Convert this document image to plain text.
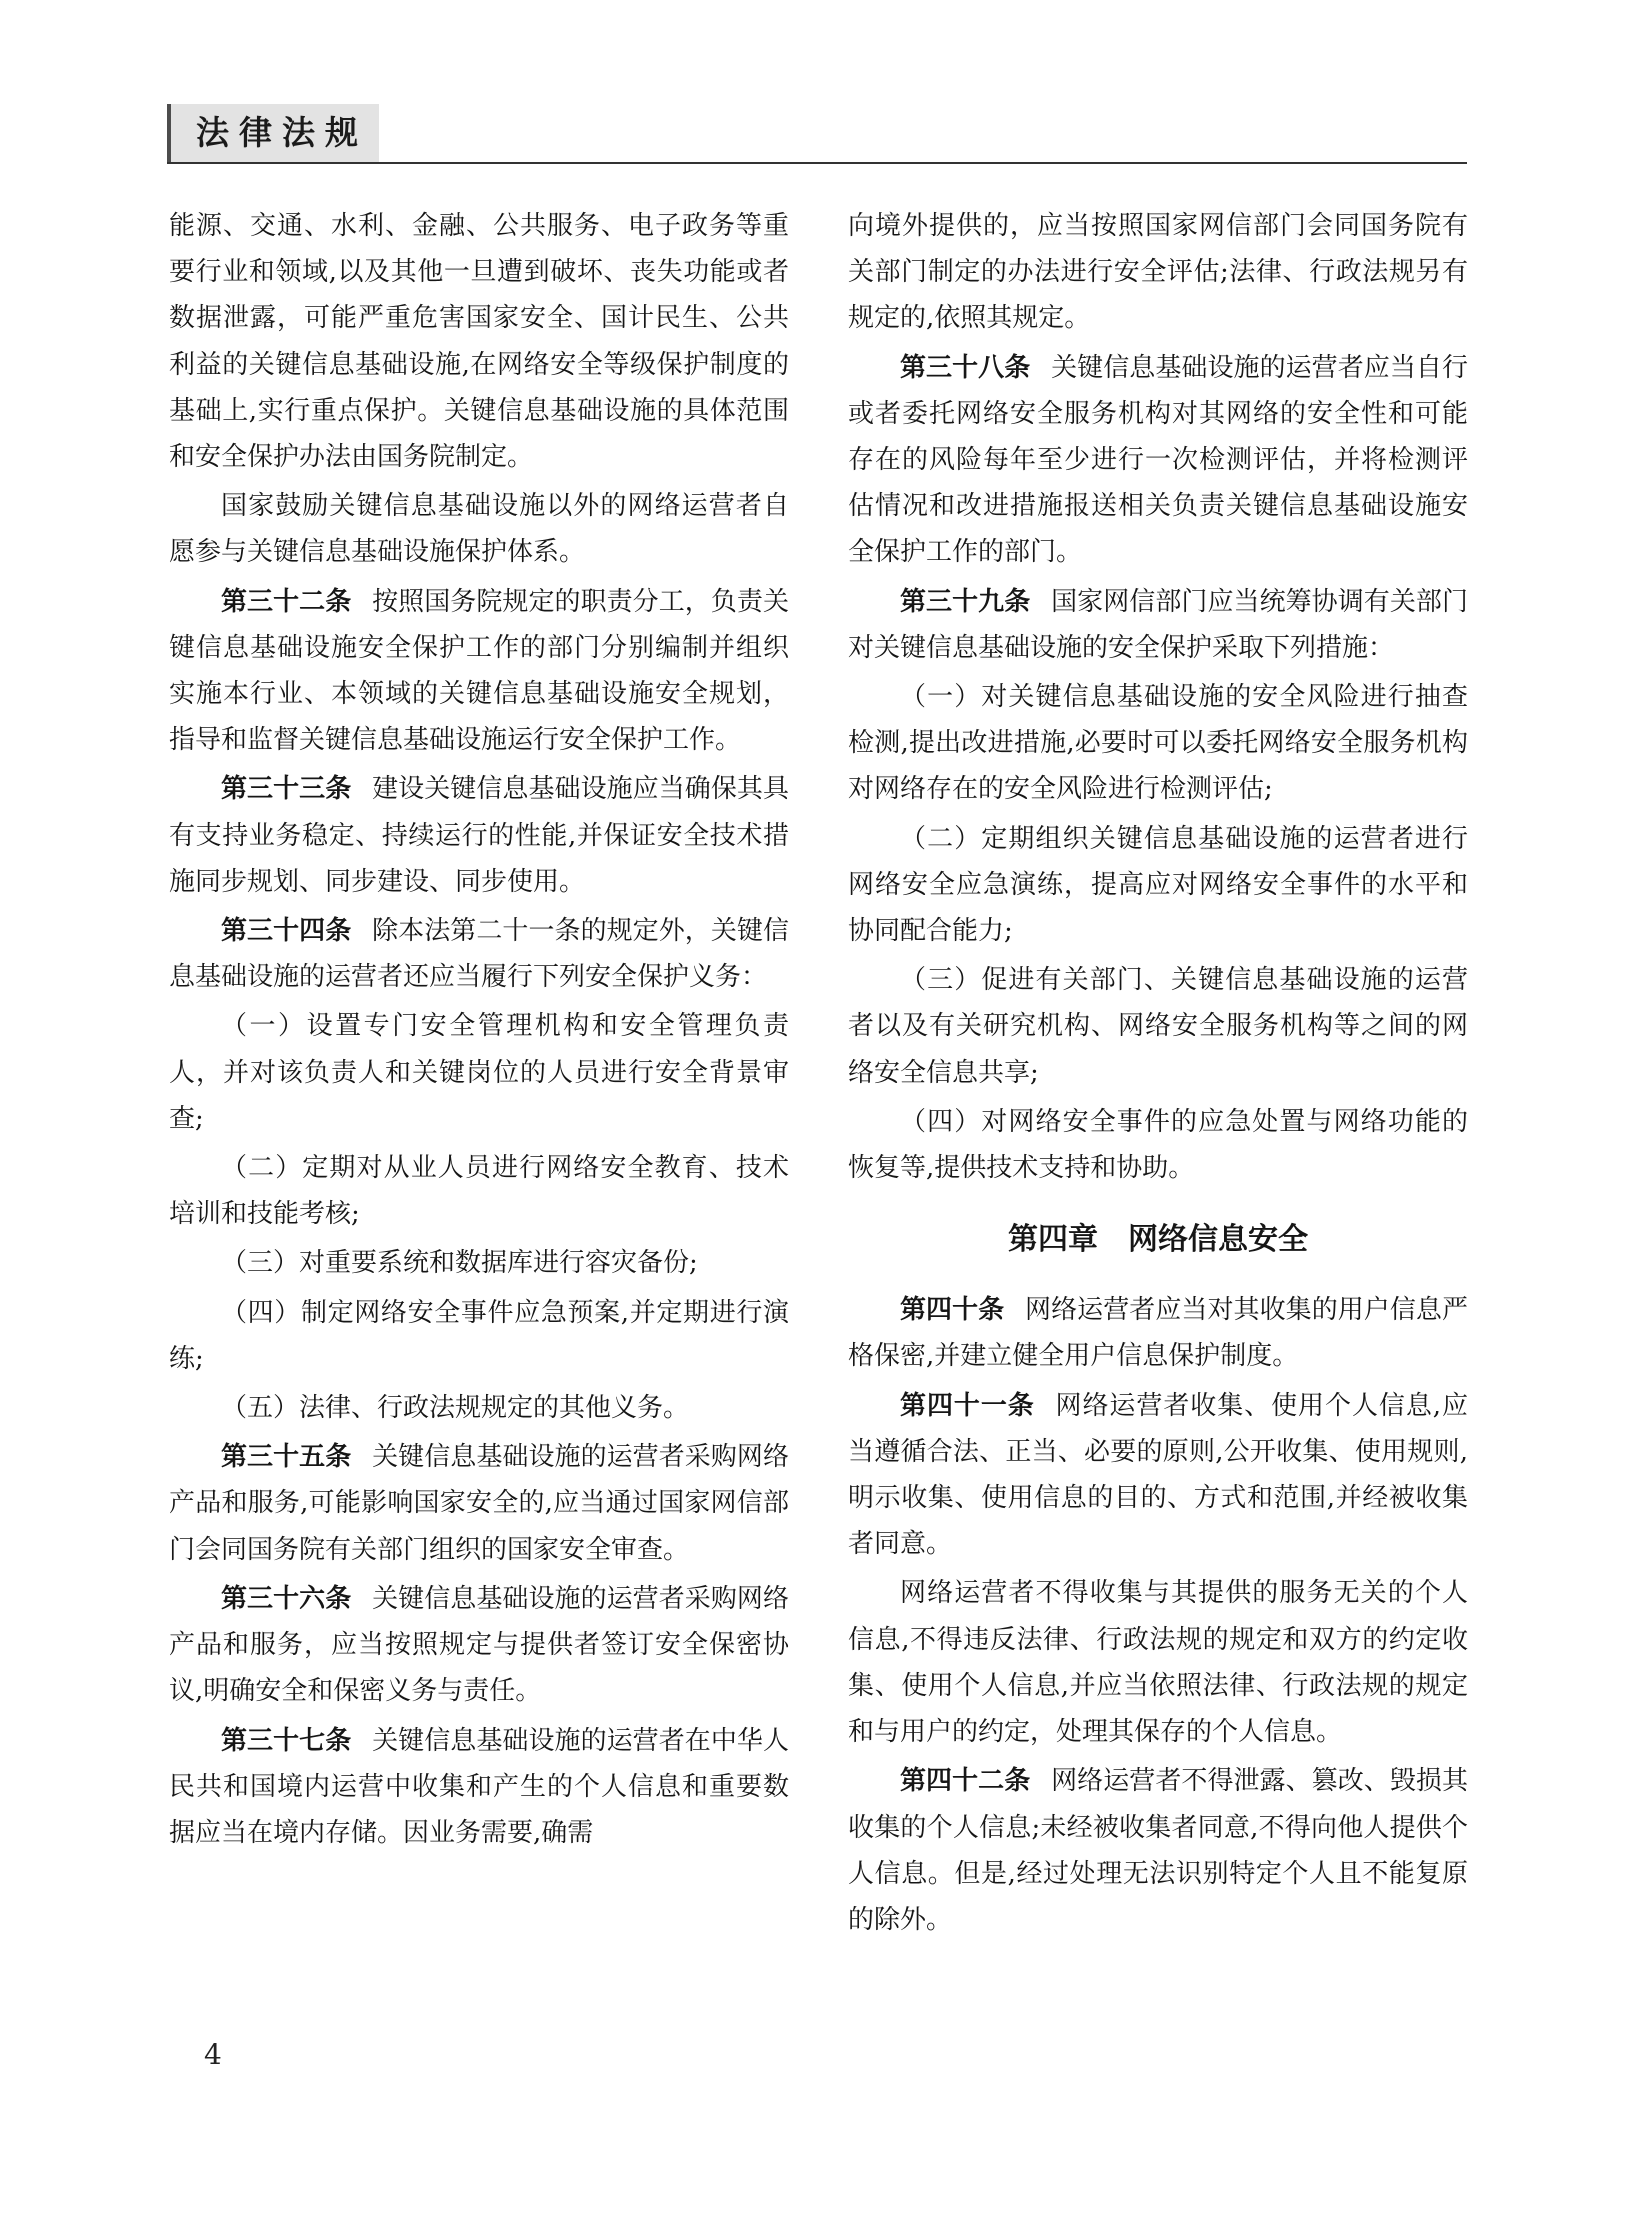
法律法规

能源、交通、水利、金融、公共服务、电子政务等重要行业和领域,以及其他一旦遭到破坏、丧失功能或者数据泄露，可能严重危害国家安全、国计民生、公共利益的关键信息基础设施,在网络安全等级保护制度的基础上,实行重点保护。关键信息基础设施的具体范围和安全保护办法由国务院制定。

国家鼓励关键信息基础设施以外的网络运营者自愿参与关键信息基础设施保护体系。

第三十二条 按照国务院规定的职责分工，负责关键信息基础设施安全保护工作的部门分别编制并组织实施本行业、本领域的关键信息基础设施安全规划，指导和监督关键信息基础设施运行安全保护工作。

第三十三条 建设关键信息基础设施应当确保其具有支持业务稳定、持续运行的性能,并保证安全技术措施同步规划、同步建设、同步使用。

第三十四条 除本法第二十一条的规定外，关键信息基础设施的运营者还应当履行下列安全保护义务：

（一）设置专门安全管理机构和安全管理负责人，并对该负责人和关键岗位的人员进行安全背景审查;

（二）定期对从业人员进行网络安全教育、技术培训和技能考核;

（三）对重要系统和数据库进行容灾备份;

（四）制定网络安全事件应急预案,并定期进行演练;

（五）法律、行政法规规定的其他义务。

第三十五条 关键信息基础设施的运营者采购网络产品和服务,可能影响国家安全的,应当通过国家网信部门会同国务院有关部门组织的国家安全审查。

第三十六条 关键信息基础设施的运营者采购网络产品和服务，应当按照规定与提供者签订安全保密协议,明确安全和保密义务与责任。

第三十七条 关键信息基础设施的运营者在中华人民共和国境内运营中收集和产生的个人信息和重要数据应当在境内存储。因业务需要,确需

向境外提供的，应当按照国家网信部门会同国务院有关部门制定的办法进行安全评估;法律、行政法规另有规定的,依照其规定。

第三十八条 关键信息基础设施的运营者应当自行或者委托网络安全服务机构对其网络的安全性和可能存在的风险每年至少进行一次检测评估，并将检测评估情况和改进措施报送相关负责关键信息基础设施安全保护工作的部门。

第三十九条 国家网信部门应当统筹协调有关部门对关键信息基础设施的安全保护采取下列措施：

（一）对关键信息基础设施的安全风险进行抽查检测,提出改进措施,必要时可以委托网络安全服务机构对网络存在的安全风险进行检测评估;

（二）定期组织关键信息基础设施的运营者进行网络安全应急演练，提高应对网络安全事件的水平和协同配合能力;

（三）促进有关部门、关键信息基础设施的运营者以及有关研究机构、网络安全服务机构等之间的网络安全信息共享;

（四）对网络安全事件的应急处置与网络功能的恢复等,提供技术支持和协助。

第四章　网络信息安全

第四十条 网络运营者应当对其收集的用户信息严格保密,并建立健全用户信息保护制度。

第四十一条 网络运营者收集、使用个人信息,应当遵循合法、正当、必要的原则,公开收集、使用规则,明示收集、使用信息的目的、方式和范围,并经被收集者同意。

网络运营者不得收集与其提供的服务无关的个人信息,不得违反法律、行政法规的规定和双方的约定收集、使用个人信息,并应当依照法律、行政法规的规定和与用户的约定，处理其保存的个人信息。

第四十二条 网络运营者不得泄露、篡改、毁损其收集的个人信息;未经被收集者同意,不得向他人提供个人信息。但是,经过处理无法识别特定个人且不能复原的除外。

4
